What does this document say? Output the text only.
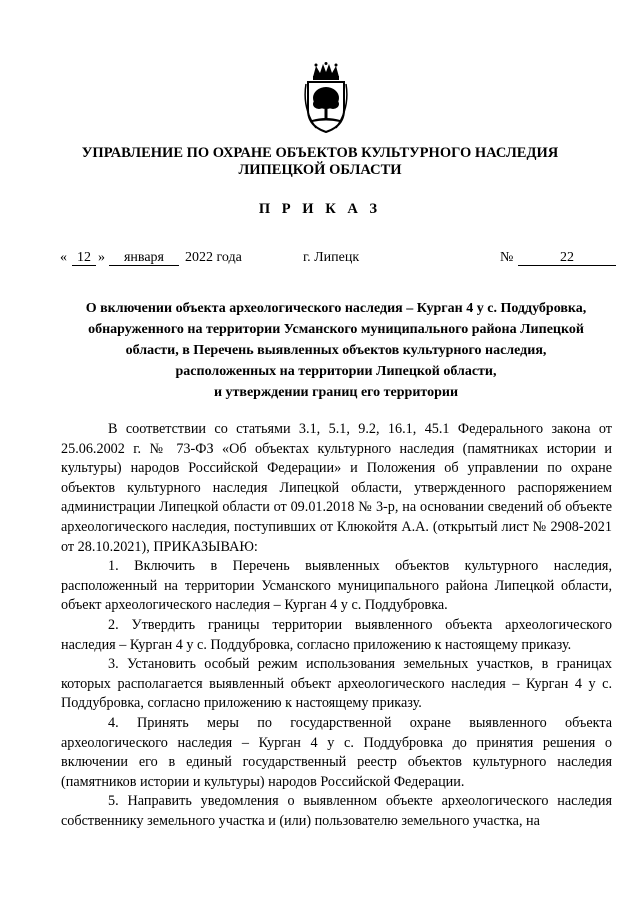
УПРАВЛЕНИЕ ПО ОХРАНЕ ОБЪЕКТОВ КУЛЬТУРНОГО НАСЛЕДИЯ
ЛИПЕЦКОЙ ОБЛАСТИ
П Р И К А З
« 12 »	января	2022 года	г. Липецк	№	22
О включении объекта археологического наследия – Курган 4 у с. Поддубровка,
обнаруженного на территории Усманского муниципального района Липецкой
области, в Перечень выявленных объектов культурного наследия,
расположенных на территории Липецкой области,
и утверждении границ его территории

В соответствии со статьями 3.1, 5.1, 9.2, 16.1, 45.1 Федерального закона от 25.06.2002 г. № 73-ФЗ «Об объектах культурного наследия (памятниках истории и культуры) народов Российской Федерации» и Положения об управлении по охране объектов культурного наследия Липецкой области, утвержденного распоряжением администрации Липецкой области от 09.01.2018 № 3-р, на основании сведений об объекте археологического наследия, поступивших от Клюкойтя А.А. (открытый лист № 2908-2021 от 28.10.2021), ПРИКАЗЫВАЮ:

1. Включить в Перечень выявленных объектов культурного наследия, расположенный на территории Усманского муниципального района Липецкой области, объект археологического наследия – Курган 4 у с. Поддубровка.

2. Утвердить границы территории выявленного объекта археологического наследия – Курган 4 у с. Поддубровка, согласно приложению к настоящему приказу.

3. Установить особый режим использования земельных участков, в границах которых располагается выявленный объект археологического наследия – Курган 4 у с. Поддубровка, согласно приложению к настоящему приказу.

4. Принять меры по государственной охране выявленного объекта археологического наследия – Курган 4 у с. Поддубровка до принятия решения о включении его в единый государственный реестр объектов культурного наследия (памятников истории и культуры) народов Российской Федерации.

5. Направить уведомления о выявленном объекте археологического наследия собственнику земельного участка и (или) пользователю земельного участка, на
